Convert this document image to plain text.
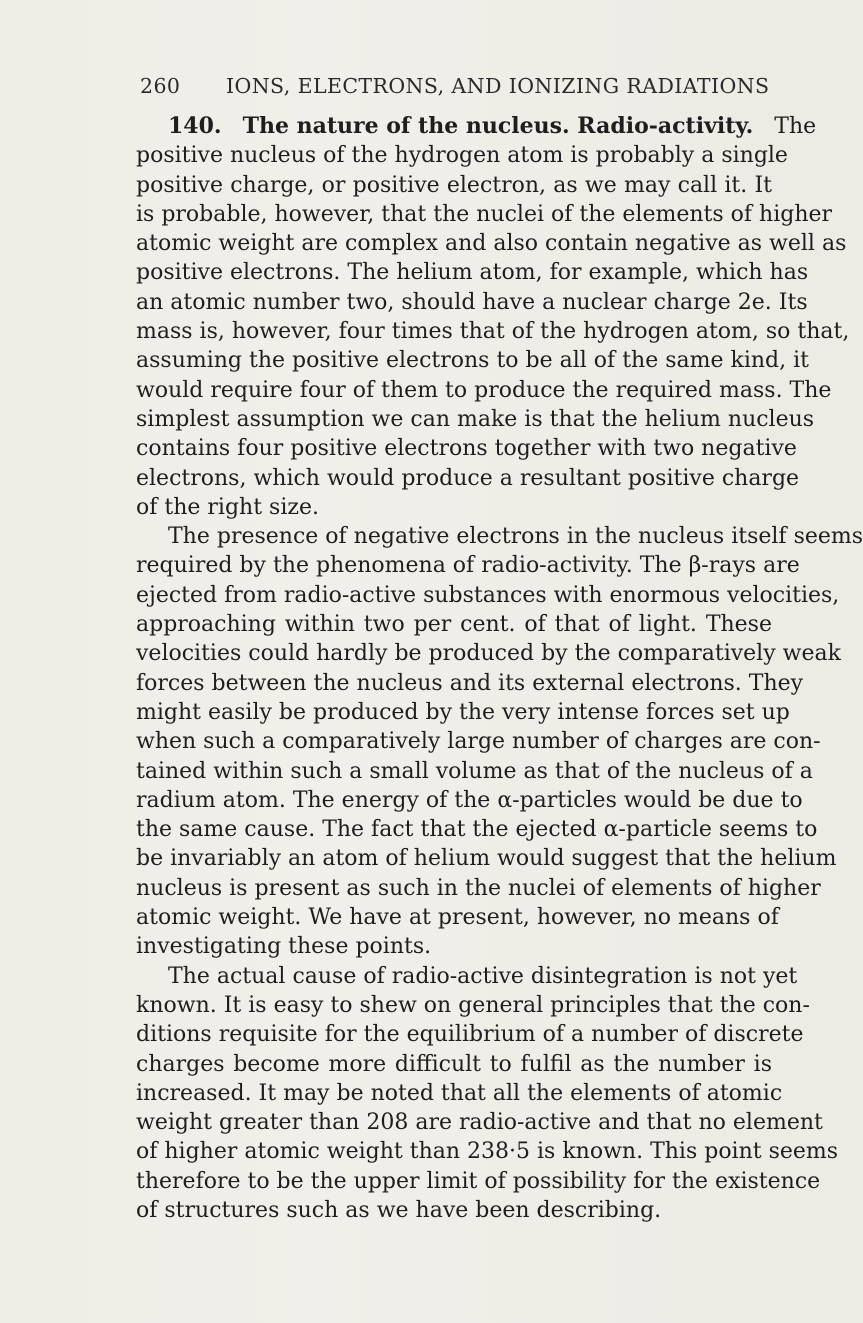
260 IONS, ELECTRONS, AND IONIZING RADIATIONS

140. The nature of the nucleus. Radio-activity. The
positive nucleus of the hydrogen atom is probably a single
positive charge, or positive electron, as we may call it. It
is probable, however, that the nuclei of the elements of higher
atomic weight are complex and also contain negative as well as
positive electrons. The helium atom, for example, which has
an atomic number two, should have a nuclear charge 2e. Its
mass is, however, four times that of the hydrogen atom, so that,
assuming the positive electrons to be all of the same kind, it
would require four of them to produce the required mass. The
simplest assumption we can make is that the helium nucleus
contains four positive electrons together with two negative
electrons, which would produce a resultant positive charge
of the right size.

The presence of negative electrons in the nucleus itself seems
required by the phenomena of radio-activity. The β-rays are
ejected from radio-active substances with enormous velocities,
approaching within two per cent. of that of light. These
velocities could hardly be produced by the comparatively weak
forces between the nucleus and its external electrons. They
might easily be produced by the very intense forces set up
when such a comparatively large number of charges are con-
tained within such a small volume as that of the nucleus of a
radium atom. The energy of the α-particles would be due to
the same cause. The fact that the ejected α-particle seems to
be invariably an atom of helium would suggest that the helium
nucleus is present as such in the nuclei of elements of higher
atomic weight. We have at present, however, no means of
investigating these points.

The actual cause of radio-active disintegration is not yet
known. It is easy to shew on general principles that the con-
ditions requisite for the equilibrium of a number of discrete
charges become more difficult to fulfil as the number is
increased. It may be noted that all the elements of atomic
weight greater than 208 are radio-active and that no element
of higher atomic weight than 238·5 is known. This point seems
therefore to be the upper limit of possibility for the existence
of structures such as we have been describing.
